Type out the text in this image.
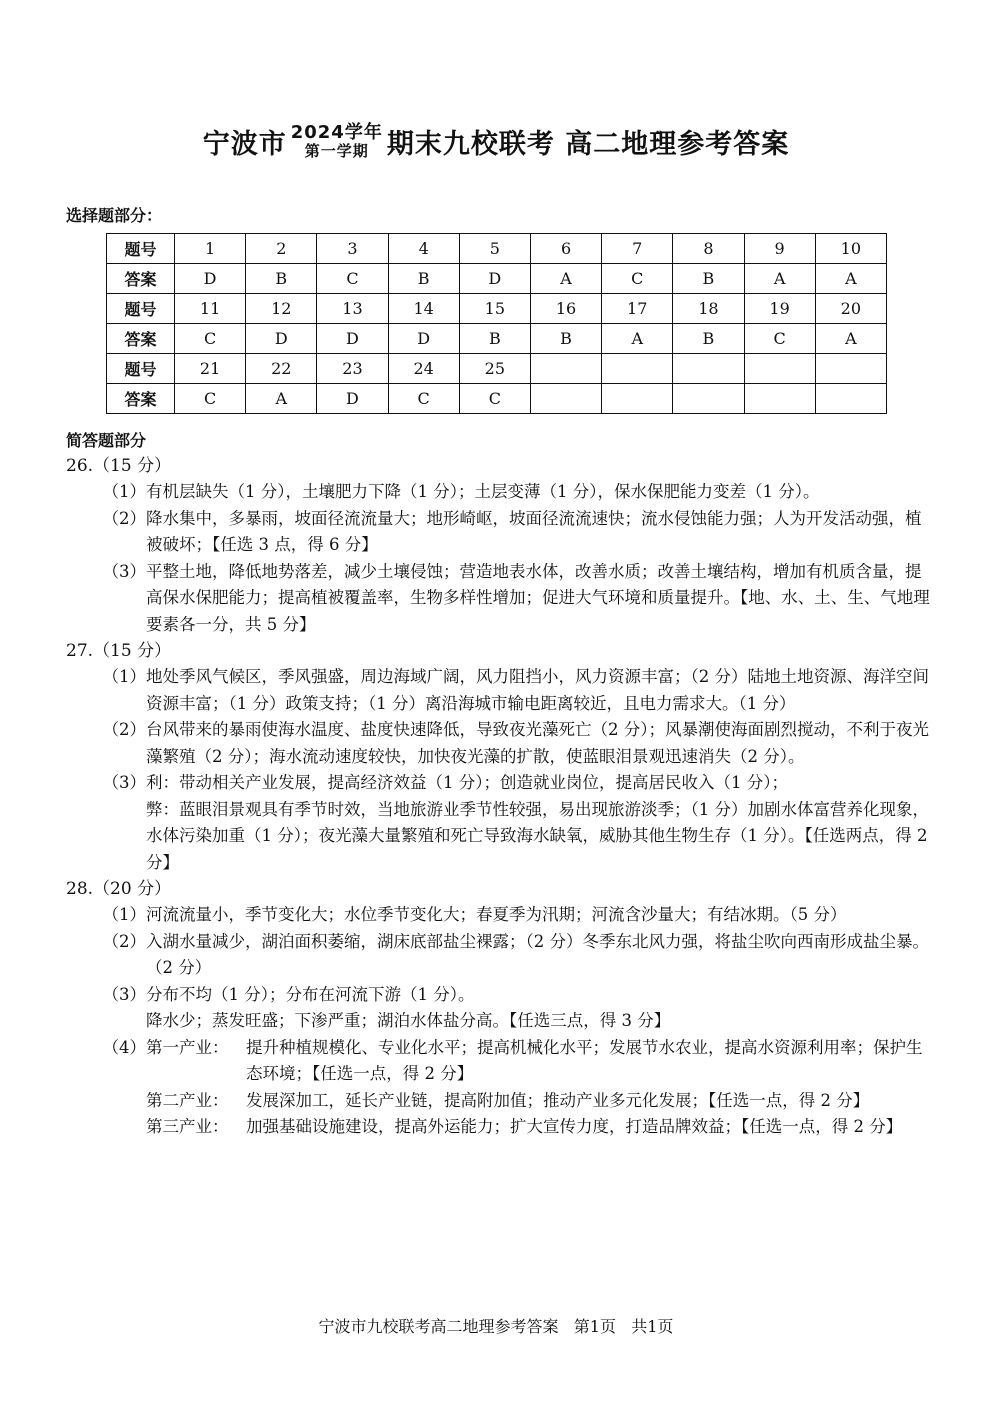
宁波市 2024学年
第一学期 期末九校联考 高二地理参考答案
选择题部分：
题号	1	2	3	4	5	6	7	8	9	10
答案	D	B	C	B	D	A	C	B	A	A
题号	11	12	13	14	15	16	17	18	19	20
答案	C	D	D	D	B	B	A	B	C	A
题号	21	22	23	24	25					
答案	C	A	D	C	C					
简答题部分
26.（15 分）
（1） 有机层缺失（1 分），土壤肥力下降（1 分）；土层变薄（1 分），保水保肥能力变差（1 分）。
（2） 降水集中，多暴雨，坡面径流流量大；地形崎岖，坡面径流流速快；流水侵蚀能力强；人为开发活动强，植被破坏；【任选 3 点，得 6 分】
（3） 平整土地，降低地势落差，减少土壤侵蚀；营造地表水体，改善水质；改善土壤结构，增加有机质含量，提高保水保肥能力；提高植被覆盖率，生物多样性增加；促进大气环境和质量提升。【地、水、土、生、气地理要素各一分，共 5 分】
27.（15 分）
（1） 地处季风气候区，季风强盛，周边海域广阔，风力阻挡小，风力资源丰富；（2 分）陆地土地资源、海洋空间资源丰富；（1 分）政策支持；（1 分）离沿海城市输电距离较近，且电力需求大。（1 分）
（2） 台风带来的暴雨使海水温度、盐度快速降低，导致夜光藻死亡（2 分）；风暴潮使海面剧烈搅动，不利于夜光藻繁殖（2 分）；海水流动速度较快，加快夜光藻的扩散，使蓝眼泪景观迅速消失（2 分）。
（3） 利：带动相关产业发展，提高经济效益（1 分）；创造就业岗位，提高居民收入（1 分）；
弊：蓝眼泪景观具有季节时效，当地旅游业季节性较强，易出现旅游淡季；（1 分）加剧水体富营养化现象，水体污染加重（1 分）；夜光藻大量繁殖和死亡导致海水缺氧，威胁其他生物生存（1 分）。【任选两点，得 2 分】
28.（20 分）
（1） 河流流量小，季节变化大；水位季节变化大；春夏季为汛期；河流含沙量大；有结冰期。（5 分）
（2） 入湖水量减少，湖泊面积萎缩，湖床底部盐尘裸露；（2 分）冬季东北风力强，将盐尘吹向西南形成盐尘暴。（2 分）
（3） 分布不均（1 分）；分布在河流下游（1 分）。
降水少；蒸发旺盛；下渗严重；湖泊水体盐分高。【任选三点，得 3 分】
（4） 第一产业：	提升种植规模化、专业化水平；提高机械化水平；发展节水农业，提高水资源利用率；保护生态环境；【任选一点，得 2 分】
第二产业：	发展深加工，延长产业链，提高附加值；推动产业多元化发展；【任选一点，得 2 分】
第三产业：	加强基础设施建设，提高外运能力；扩大宣传力度，打造品牌效益；【任选一点，得 2 分】
宁波市九校联考高二地理参考答案   第1页   共1页
